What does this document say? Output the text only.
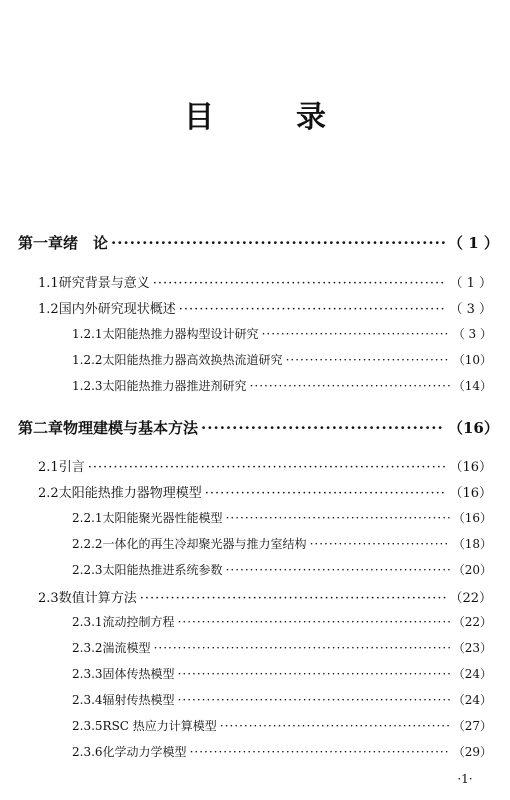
目　录
第一章 绪　论 ·····	（ 1 ）
1.1 研究背景与意义 ·····	（ 1 ）
1.2 国内外研究现状概述 ·····	（ 3 ）
1.2.1 太阳能热推力器构型设计研究 ·····	（ 3 ）
1.2.2 太阳能热推力器高效换热流道研究 ·····	（10）
1.2.3 太阳能热推力器推进剂研究 ·····	（14）
第二章 物理建模与基本方法 ·····	（16）
2.1 引言 ·····	（16）
2.2 太阳能热推力器物理模型 ·····	（16）
2.2.1 太阳能聚光器性能模型 ·····	（16）
2.2.2 一体化的再生冷却聚光器与推力室结构 ·····	（18）
2.2.3 太阳能热推进系统参数 ·····	（20）
2.3 数值计算方法 ·····	（22）
2.3.1 流动控制方程 ·····	（22）
2.3.2 湍流模型 ·····	（23）
2.3.3 固体传热模型 ·····	（24）
2.3.4 辐射传热模型 ·····	（24）
2.3.5 RSC 热应力计算模型 ·····	（27）
2.3.6 化学动力学模型 ·····	（29）
·1·
